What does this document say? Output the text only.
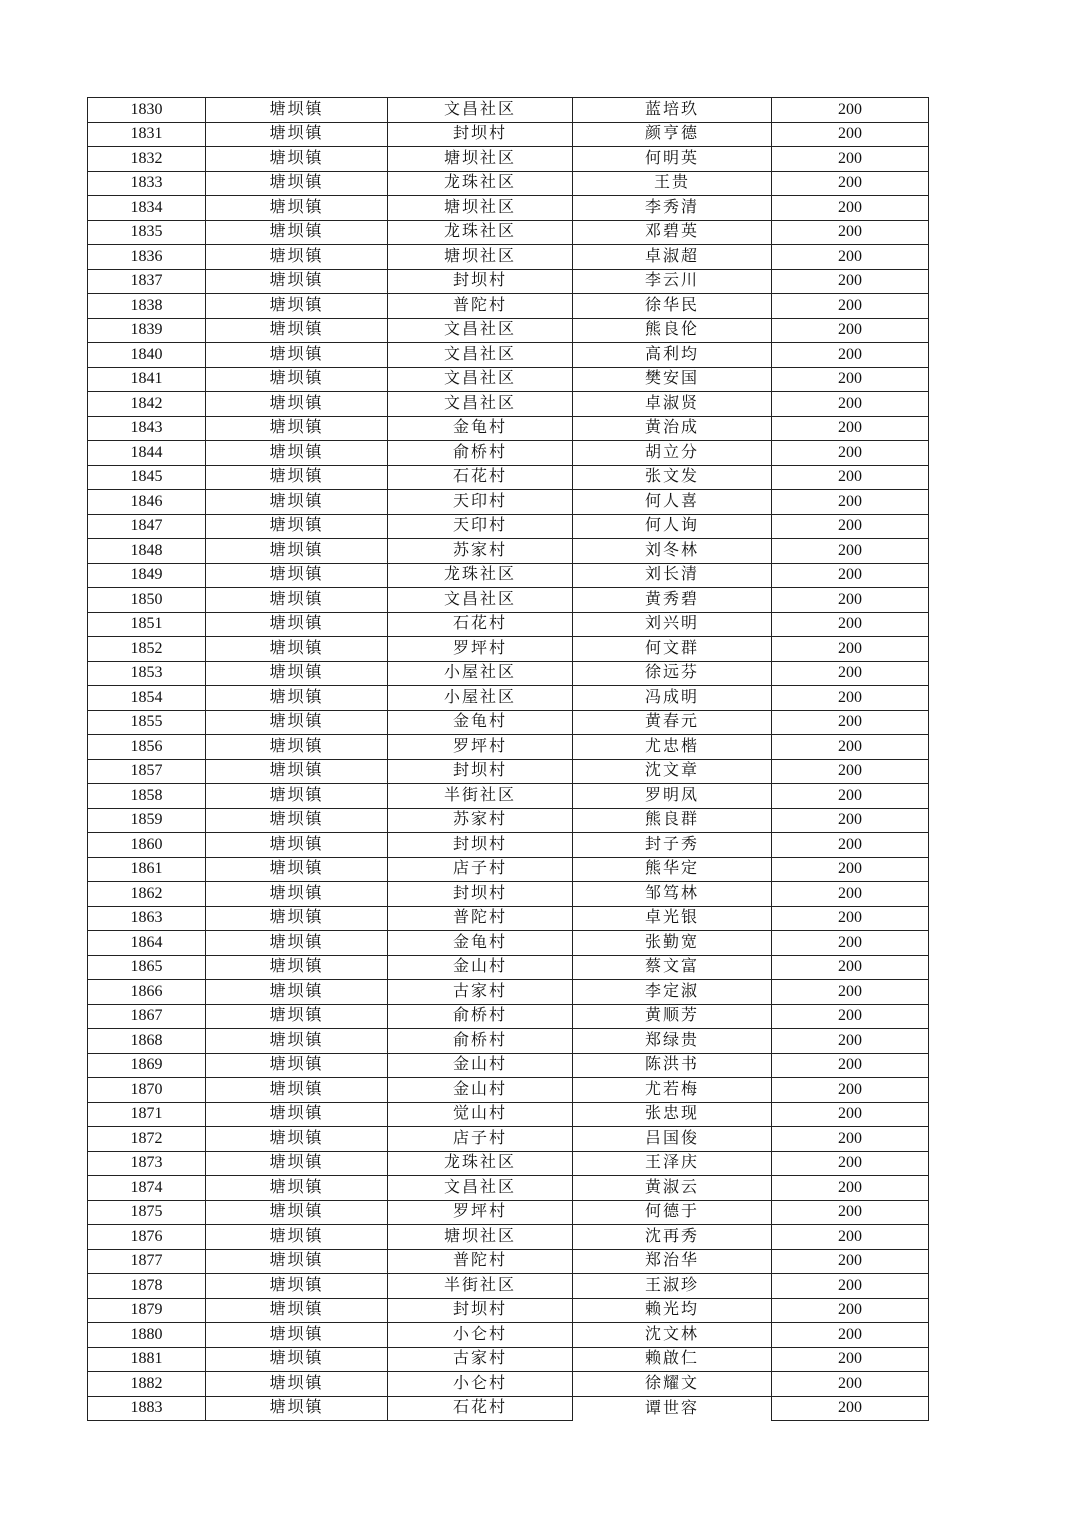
1830	塘坝镇	文昌社区	蓝培玖	200
1831	塘坝镇	封坝村	颜亨德	200
1832	塘坝镇	塘坝社区	何明英	200
1833	塘坝镇	龙珠社区	王贵	200
1834	塘坝镇	塘坝社区	李秀清	200
1835	塘坝镇	龙珠社区	邓碧英	200
1836	塘坝镇	塘坝社区	卓淑超	200
1837	塘坝镇	封坝村	李云川	200
1838	塘坝镇	普陀村	徐华民	200
1839	塘坝镇	文昌社区	熊良伦	200
1840	塘坝镇	文昌社区	高利均	200
1841	塘坝镇	文昌社区	樊安国	200
1842	塘坝镇	文昌社区	卓淑贤	200
1843	塘坝镇	金龟村	黄治成	200
1844	塘坝镇	俞桥村	胡立分	200
1845	塘坝镇	石花村	张文发	200
1846	塘坝镇	天印村	何人喜	200
1847	塘坝镇	天印村	何人询	200
1848	塘坝镇	苏家村	刘冬林	200
1849	塘坝镇	龙珠社区	刘长清	200
1850	塘坝镇	文昌社区	黄秀碧	200
1851	塘坝镇	石花村	刘兴明	200
1852	塘坝镇	罗坪村	何文群	200
1853	塘坝镇	小屋社区	徐远芬	200
1854	塘坝镇	小屋社区	冯成明	200
1855	塘坝镇	金龟村	黄春元	200
1856	塘坝镇	罗坪村	尤忠楷	200
1857	塘坝镇	封坝村	沈文章	200
1858	塘坝镇	半街社区	罗明凤	200
1859	塘坝镇	苏家村	熊良群	200
1860	塘坝镇	封坝村	封子秀	200
1861	塘坝镇	店子村	熊华定	200
1862	塘坝镇	封坝村	邹笃林	200
1863	塘坝镇	普陀村	卓光银	200
1864	塘坝镇	金龟村	张勤宽	200
1865	塘坝镇	金山村	蔡文富	200
1866	塘坝镇	古家村	李定淑	200
1867	塘坝镇	俞桥村	黄顺芳	200
1868	塘坝镇	俞桥村	郑绿贵	200
1869	塘坝镇	金山村	陈洪书	200
1870	塘坝镇	金山村	尤若梅	200
1871	塘坝镇	觉山村	张忠现	200
1872	塘坝镇	店子村	吕国俊	200
1873	塘坝镇	龙珠社区	王泽庆	200
1874	塘坝镇	文昌社区	黄淑云	200
1875	塘坝镇	罗坪村	何德于	200
1876	塘坝镇	塘坝社区	沈再秀	200
1877	塘坝镇	普陀村	郑治华	200
1878	塘坝镇	半街社区	王淑珍	200
1879	塘坝镇	封坝村	赖光均	200
1880	塘坝镇	小仑村	沈文林	200
1881	塘坝镇	古家村	赖啟仁	200
1882	塘坝镇	小仑村	徐耀文	200
1883	塘坝镇	石花村	谭世容	200
